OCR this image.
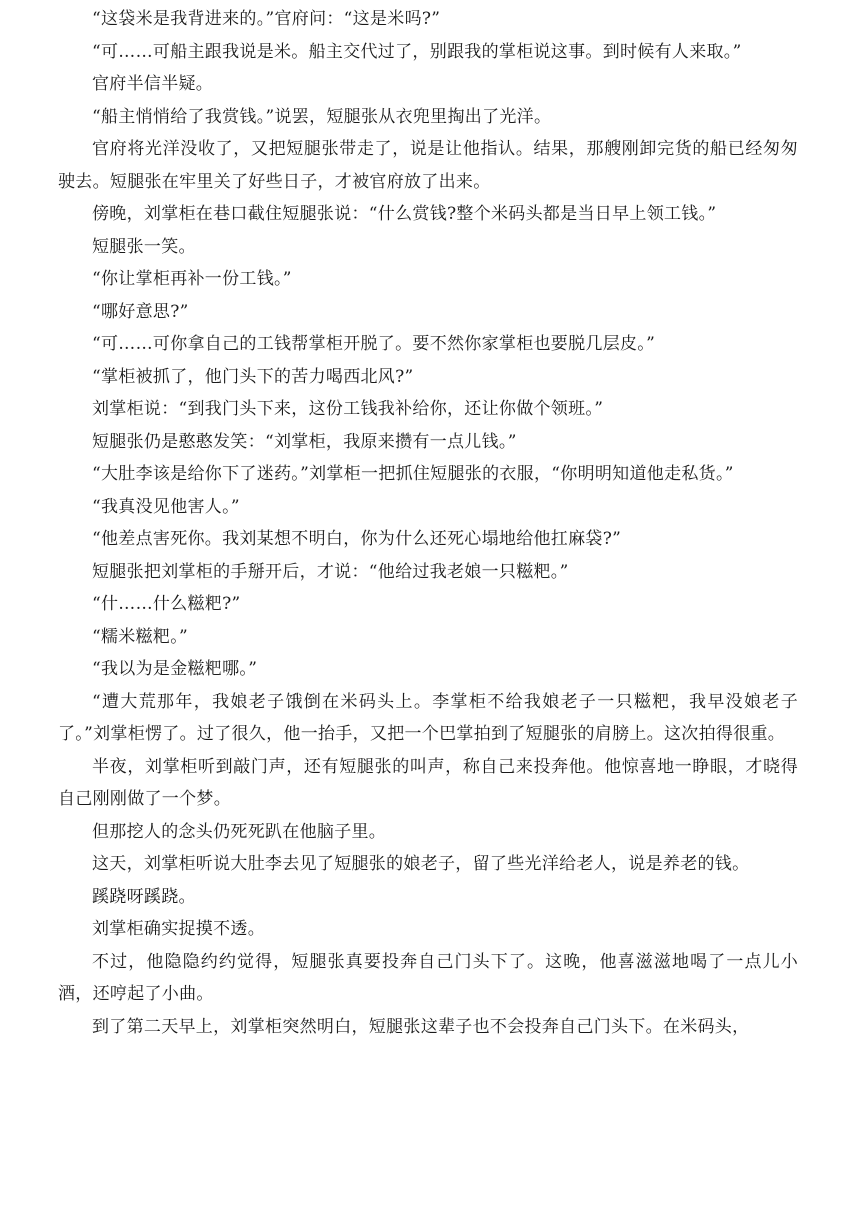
“这袋米是我背进来的。”官府问：“这是米吗?”

“可……可船主跟我说是米。船主交代过了，别跟我的掌柜说这事。到时候有人来取。”

官府半信半疑。

“船主悄悄给了我赏钱。”说罢，短腿张从衣兜里掏出了光洋。

官府将光洋没收了，又把短腿张带走了，说是让他指认。结果，那艘刚卸完货的船已经匆匆驶去。短腿张在牢里关了好些日子，才被官府放了出来。

傍晚，刘掌柜在巷口截住短腿张说：“什么赏钱?整个米码头都是当日早上领工钱。”

短腿张一笑。

“你让掌柜再补一份工钱。”

“哪好意思?”

“可……可你拿自己的工钱帮掌柜开脱了。要不然你家掌柜也要脱几层皮。”

“掌柜被抓了，他门头下的苦力喝西北风?”

刘掌柜说：“到我门头下来，这份工钱我补给你，还让你做个领班。”

短腿张仍是憨憨发笑：“刘掌柜，我原来攒有一点儿钱。”

“大肚李该是给你下了迷药。”刘掌柜一把抓住短腿张的衣服，“你明明知道他走私货。”

“我真没见他害人。”

“他差点害死你。我刘某想不明白，你为什么还死心塌地给他扛麻袋?”

短腿张把刘掌柜的手掰开后，才说：“他给过我老娘一只糍粑。”

“什……什么糍粑?”

“糯米糍粑。”

“我以为是金糍粑哪。”

“遭大荒那年，我娘老子饿倒在米码头上。李掌柜不给我娘老子一只糍粑，我早没娘老子了。”刘掌柜愣了。过了很久，他一抬手，又把一个巴掌拍到了短腿张的肩膀上。这次拍得很重。

半夜，刘掌柜听到敲门声，还有短腿张的叫声，称自己来投奔他。他惊喜地一睁眼，才晓得自己刚刚做了一个梦。

但那挖人的念头仍死死趴在他脑子里。

这天，刘掌柜听说大肚李去见了短腿张的娘老子，留了些光洋给老人，说是养老的钱。

蹊跷呀蹊跷。

刘掌柜确实捉摸不透。

不过，他隐隐约约觉得，短腿张真要投奔自己门头下了。这晚，他喜滋滋地喝了一点儿小酒，还哼起了小曲。

到了第二天早上，刘掌柜突然明白，短腿张这辈子也不会投奔自己门头下。在米码头，
